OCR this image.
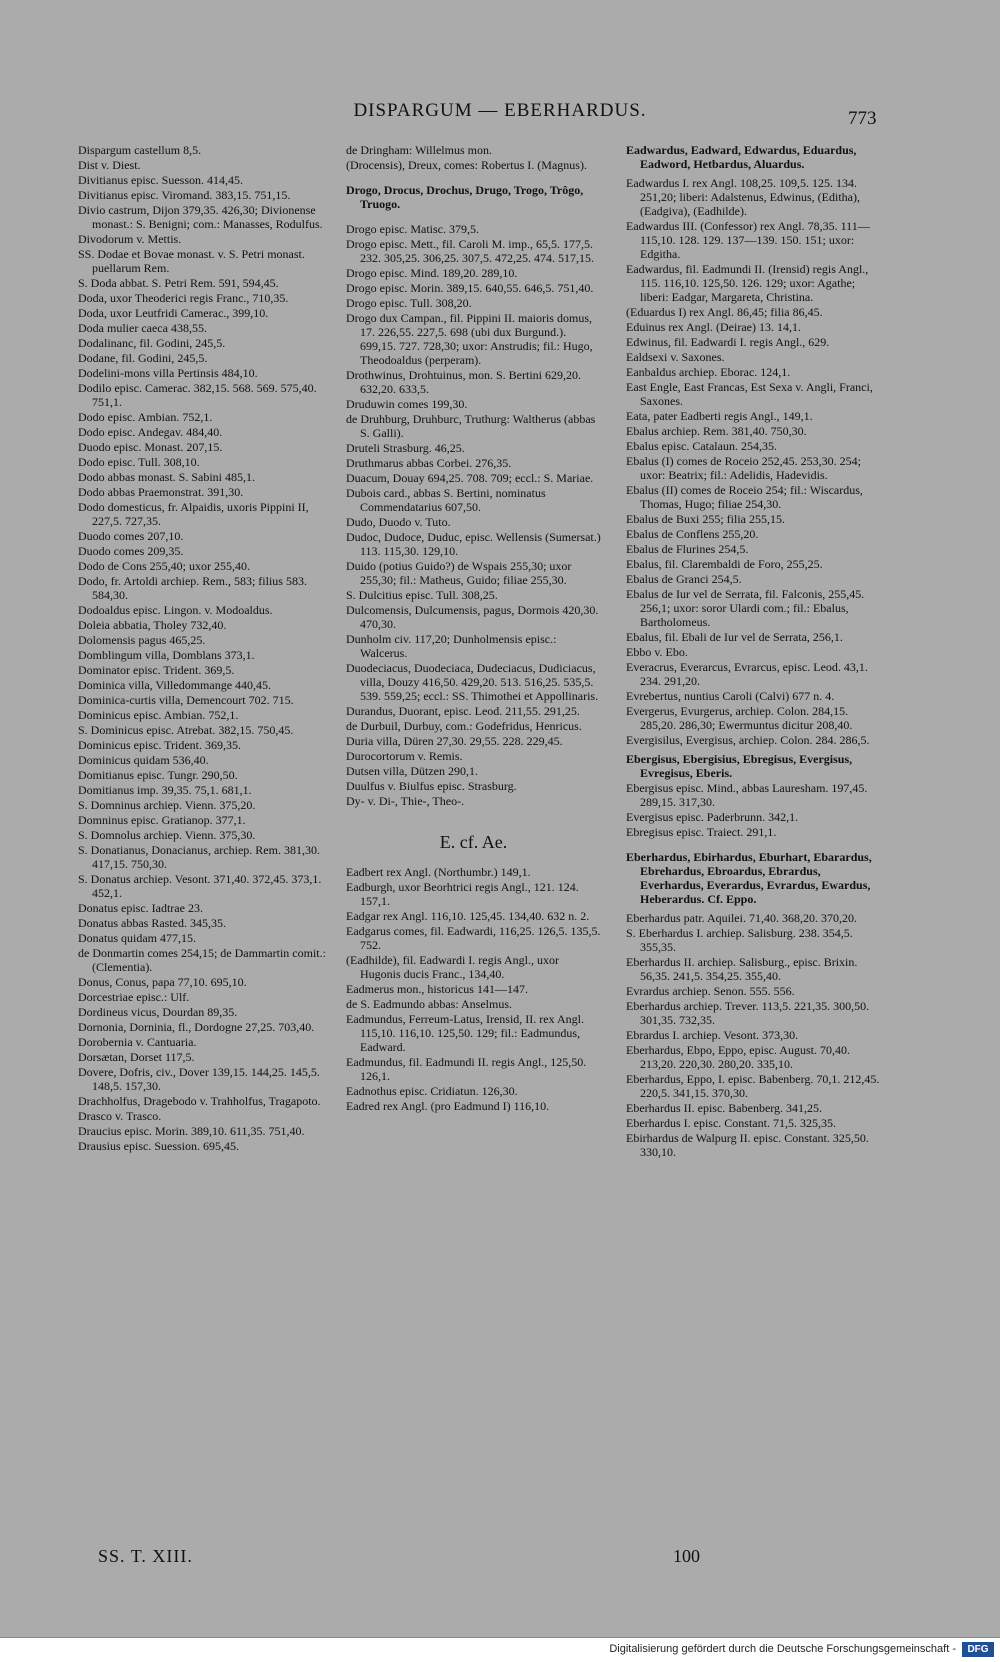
DISPARGUM — EBERHARDUS.	773
Dispargum castellum 8,5.
Dist v. Diest.
Divitianus episc. Suesson. 414,45.
Divitianus episc. Viromand. 383,15. 751,15.
Divio castrum, Dijon 379,35. 426,30; Divionense monast.: S. Benigni; com.: Manasses, Rodulfus.
Divodorum v. Mettis.
SS. Dodae et Bovae monast. v. S. Petri monast. puellarum Rem.
S. Doda abbat. S. Petri Rem. 591, 594,45.
Doda, uxor Theoderici regis Franc., 710,35.
Doda, uxor Leutfridi Camerac., 399,10.
Doda mulier caeca 438,55.
Dodalinanc, fil. Godini, 245,5.
Dodane, fil. Godini, 245,5.
Dodelini-mons villa Pertinsis 484,10.
Dodilo episc. Camerac. 382,15. 568. 569. 575,40. 751,1.
Dodo episc. Ambian. 752,1.
Dodo episc. Andegav. 484,40.
Duodo episc. Monast. 207,15.
Dodo episc. Tull. 308,10.
Dodo abbas monast. S. Sabini 485,1.
Dodo abbas Praemonstrat. 391,30.
Dodo domesticus, fr. Alpaidis, uxoris Pippini II, 227,5. 727,35.
Duodo comes 207,10.
Duodo comes 209,35.
Dodo de Cons 255,40; uxor 255,40.
Dodo, fr. Artoldi archiep. Rem., 583; filius 583. 584,30.
Dodoaldus episc. Lingon. v. Modoaldus.
Doleia abbatia, Tholey 732,40.
Dolomensis pagus 465,25.
Domblingum villa, Domblans 373,1.
Dominator episc. Trident. 369,5.
Dominica villa, Villedommange 440,45.
Dominica-curtis villa, Demencourt 702. 715.
Dominicus episc. Ambian. 752,1.
S. Dominicus episc. Atrebat. 382,15. 750,45.
Dominicus episc. Trident. 369,35.
Dominicus quidam 536,40.
Domitianus episc. Tungr. 290,50.
Domitianus imp. 39,35. 75,1. 681,1.
S. Domninus archiep. Vienn. 375,20.
Domninus episc. Gratianop. 377,1.
S. Domnolus archiep. Vienn. 375,30.
S. Donatianus, Donacianus, archiep. Rem. 381,30. 417,15. 750,30.
S. Donatus archiep. Vesont. 371,40. 372,45. 373,1. 452,1.
Donatus episc. Iadtrae 23.
Donatus abbas Rasted. 345,35.
Donatus quidam 477,15.
de Donmartin comes 254,15; de Dammartin comit.: (Clementia).
Donus, Conus, papa 77,10. 695,10.
Dorcestriae episc.: Ulf.
Dordineus vicus, Dourdan 89,35.
Dornonia, Dorninia, fl., Dordogne 27,25. 703,40.
Dorobernia v. Cantuaria.
Dorsætan, Dorset 117,5.
Dovere, Dofris, civ., Dover 139,15. 144,25. 145,5. 148,5. 157,30.
Drachholfus, Dragebodo v. Trahholfus, Tragapoto.
Drasco v. Trasco.
Draucius episc. Morin. 389,10. 611,35. 751,40.
Drausius episc. Suession. 695,45.
de Dringham: Willelmus mon.
(Drocensis), Dreux, comes: Robertus I. (Magnus).
Drogo, Drocus, Drochus, Drugo, Trogo, Trôgo, Truogo.
Drogo episc. Matisc. 379,5.
Drogo episc. Mett., fil. Caroli M. imp., 65,5. 177,5. 232. 305,25. 306,25. 307,5. 472,25. 474. 517,15.
Drogo episc. Mind. 189,20. 289,10.
Drogo episc. Morin. 389,15. 640,55. 646,5. 751,40.
Drogo episc. Tull. 308,20.
Drogo dux Campan., fil. Pippini II. maioris domus, 17. 226,55. 227,5. 698 (ubi dux Burgund.). 699,15. 727. 728,30; uxor: Anstrudis; fil.: Hugo, Theodoaldus (perperam).
Drothwinus, Drohtuinus, mon. S. Bertini 629,20. 632,20. 633,5.
Druduwin comes 199,30.
de Druhburg, Druhburc, Truthurg: Waltherus (abbas S. Galli).
Druteli Strasburg. 46,25.
Druthmarus abbas Corbei. 276,35.
Duacum, Douay 694,25. 708. 709; eccl.: S. Mariae.
Dubois card., abbas S. Bertini, nominatus Commendatarius 607,50.
Dudo, Duodo v. Tuto.
Dudoc, Dudoce, Duduc, episc. Wellensis (Sumersat.) 113. 115,30. 129,10.
Duido (potius Guido?) de Wspais 255,30; uxor 255,30; fil.: Matheus, Guido; filiae 255,30.
S. Dulcitius episc. Tull. 308,25.
Dulcomensis, Dulcumensis, pagus, Dormois 420,30. 470,30.
Dunholm civ. 117,20; Dunholmensis episc.: Walcerus.
Duodeciacus, Duodeciaca, Dudeciacus, Dudiciacus, villa, Douzy 416,50. 429,20. 513. 516,25. 535,5. 539. 559,25; eccl.: SS. Thimothei et Appollinaris.
Durandus, Duorant, episc. Leod. 211,55. 291,25.
de Durbuil, Durbuy, com.: Godefridus, Henricus.
Duria villa, Düren 27,30. 29,55. 228. 229,45.
Durocortorum v. Remis.
Dutsen villa, Dützen 290,1.
Duulfus v. Biulfus episc. Strasburg.
Dy- v. Di-, Thie-, Theo-.
E. cf. Ae.
Eadbert rex Angl. (Northumbr.) 149,1.
Eadburgh, uxor Beorhtrici regis Angl., 121. 124. 157,1.
Eadgar rex Angl. 116,10. 125,45. 134,40. 632 n. 2.
Eadgarus comes, fil. Eadwardi, 116,25. 126,5. 135,5. 752.
(Eadhilde), fil. Eadwardi I. regis Angl., uxor Hugonis ducis Franc., 134,40.
Eadmerus mon., historicus 141—147.
de S. Eadmundo abbas: Anselmus.
Eadmundus, Ferreum-Latus, Irensid, II. rex Angl. 115,10. 116,10. 125,50. 129; fil.: Eadmundus, Eadward.
Eadmundus, fil. Eadmundi II. regis Angl., 125,50. 126,1.
Eadnothus episc. Cridiatun. 126,30.
Eadred rex Angl. (pro Eadmund I) 116,10.
Eadwardus, Eadward, Edwardus, Eduardus, Eadword, Hetbardus, Aluardus.
Eadwardus I. rex Angl. 108,25. 109,5. 125. 134. 251,20; liberi: Adalstenus, Edwinus, (Editha), (Eadgiva), (Eadhilde).
Eadwardus III. (Confessor) rex Angl. 78,35. 111—115,10. 128. 129. 137—139. 150. 151; uxor: Edgitha.
Eadwardus, fil. Eadmundi II. (Irensid) regis Angl., 115. 116,10. 125,50. 126. 129; uxor: Agathe; liberi: Eadgar, Margareta, Christina.
(Eduardus I) rex Angl. 86,45; filia 86,45.
Eduinus rex Angl. (Deirae) 13. 14,1.
Edwinus, fil. Eadwardi I. regis Angl., 629.
Ealdsexi v. Saxones.
Eanbaldus archiep. Eborac. 124,1.
East Engle, East Francas, Est Sexa v. Angli, Franci, Saxones.
Eata, pater Eadberti regis Angl., 149,1.
Ebalus archiep. Rem. 381,40. 750,30.
Ebalus episc. Catalaun. 254,35.
Ebalus (I) comes de Roceio 252,45. 253,30. 254; uxor: Beatrix; fil.: Adelidis, Hadevidis.
Ebalus (II) comes de Roceio 254; fil.: Wiscardus, Thomas, Hugo; filiae 254,30.
Ebalus de Buxi 255; filia 255,15.
Ebalus de Conflens 255,20.
Ebalus de Flurines 254,5.
Ebalus, fil. Clarembaldi de Foro, 255,25.
Ebalus de Granci 254,5.
Ebalus de Iur vel de Serrata, fil. Falconis, 255,45. 256,1; uxor: soror Ulardi com.; fil.: Ebalus, Bartholomeus.
Ebalus, fil. Ebali de Iur vel de Serrata, 256,1.
Ebbo v. Ebo.
Everacrus, Everarcus, Evrarcus, episc. Leod. 43,1. 234. 291,20.
Evrebertus, nuntius Caroli (Calvi) 677 n. 4.
Evergerus, Evurgerus, archiep. Colon. 284,15. 285,20. 286,30; Ewermuntus dicitur 208,40.
Evergisilus, Evergisus, archiep. Colon. 284. 286,5.
Ebergisus, Ebergisius, Ebregisus, Evergisus, Evregisus, Eberis.
Ebergisus episc. Mind., abbas Lauresham. 197,45. 289,15. 317,30.
Evergisus episc. Paderbrunn. 342,1.
Ebregisus episc. Traiect. 291,1.
Eberhardus, Ebirhardus, Eburhart, Ebarardus, Ebrehardus, Ebroardus, Ebrardus, Everhardus, Everardus, Evrardus, Ewardus, Heberardus. Cf. Eppo.
Eberhardus patr. Aquilei. 71,40. 368,20. 370,20.
S. Eberhardus I. archiep. Salisburg. 238. 354,5. 355,35.
Eberhardus II. archiep. Salisburg., episc. Brixin. 56,35. 241,5. 354,25. 355,40.
Evrardus archiep. Senon. 555. 556.
Eberhardus archiep. Trever. 113,5. 221,35. 300,50. 301,35. 732,35.
Ebrardus I. archiep. Vesont. 373,30.
Eberhardus, Ebpo, Eppo, episc. August. 70,40. 213,20. 220,30. 280,20. 335,10.
Eberhardus, Eppo, I. episc. Babenberg. 70,1. 212,45. 220,5. 341,15. 370,30.
Eberhardus II. episc. Babenberg. 341,25.
Eberhardus I. episc. Constant. 71,5. 325,35.
Ebirhardus de Walpurg II. episc. Constant. 325,50. 330,10.
SS. T. XIII.	100
Digitalisierung gefördert durch die Deutsche Forschungsgemeinschaft -	DFG
